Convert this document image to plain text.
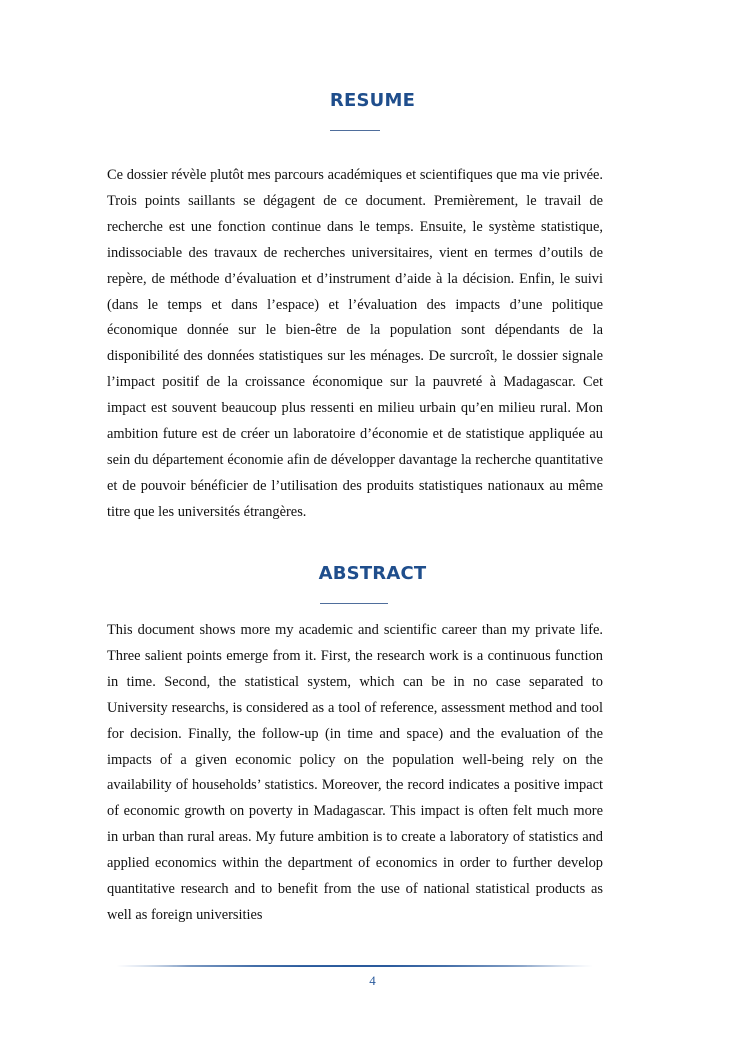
RESUME

Ce dossier révèle plutôt mes parcours académiques et scientifiques que ma vie privée. Trois points saillants se dégagent de ce document. Premièrement, le travail de recherche est une fonction continue dans le temps. Ensuite, le système statistique, indissociable des travaux de recherches universitaires, vient en termes d’outils de repère, de méthode d’évaluation et d’instrument d’aide à la décision. Enfin, le suivi (dans le temps et dans l’espace) et l’évaluation des impacts d’une politique économique donnée sur le bien-être de la population sont dépendants de la disponibilité des données statistiques sur les ménages. De surcroît, le dossier signale l’impact positif de la croissance économique sur la pauvreté à Madagascar. Cet impact est souvent beaucoup plus ressenti en milieu urbain qu’en milieu rural. Mon ambition future est de créer un laboratoire d’économie et de statistique appliquée au sein du département économie afin de développer davantage la recherche quantitative et de pouvoir bénéficier de l’utilisation des produits statistiques nationaux au même titre que les universités étrangères.

ABSTRACT

This document shows more my academic and scientific career than my private life. Three salient points emerge from it. First, the research work is a continuous function in time. Second, the statistical system, which can be in no case separated to University researchs, is considered as a tool of reference, assessment method and tool for decision. Finally, the follow-up (in time and space) and the evaluation of the impacts of a given economic policy on the population well-being rely on the availability of households’ statistics. Moreover, the record indicates a positive impact of economic growth on poverty in Madagascar. This impact is often felt much more in urban than rural areas. My future ambition is to create a laboratory of statistics and applied economics within the department of economics in order to further develop quantitative research and to benefit from the use of national statistical products as well as foreign universities

4
